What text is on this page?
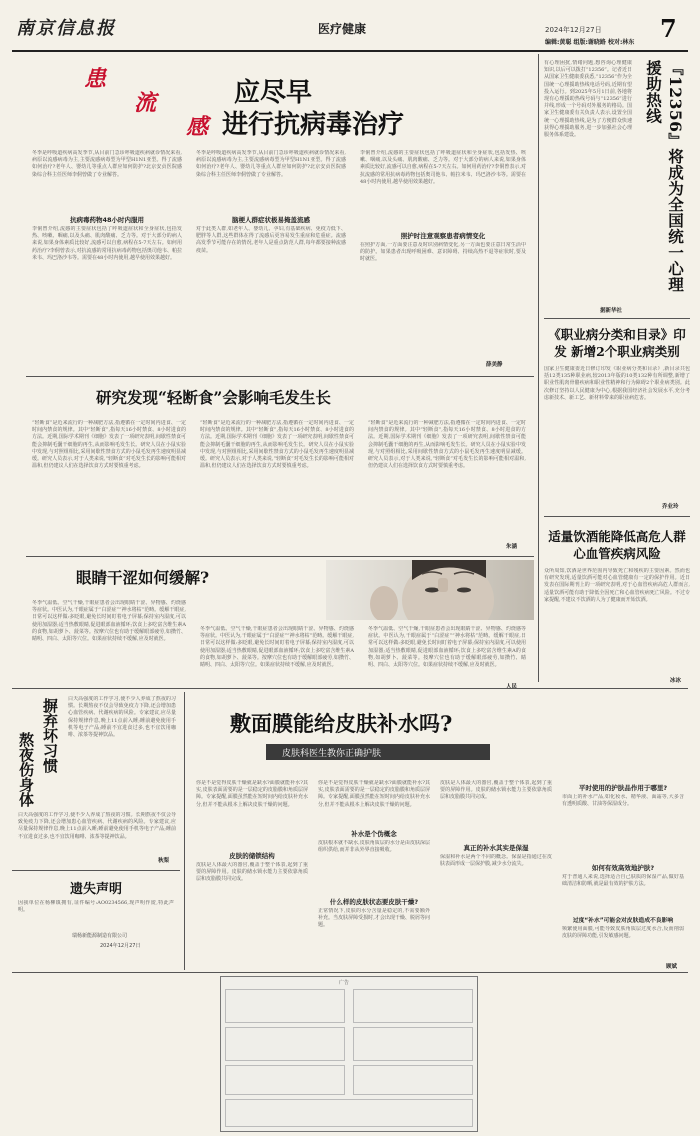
南京信息报	医疗健康	2024年12月27日
编辑:黄聪 组版:谢晓路 校对:林东 7
患
流
感
应尽早
进行抗病毒治疗
冬季是呼吸道疾病高发季节,从目前门急诊呼吸道疾病就诊情况来看,病原以流感病毒为主,主要流感病毒型为甲型H1N1亚型。得了流感如何治疗?老年人、婴幼儿等重点人群应如何防护?北京安贞医院感染综合科主任医师李侗曾做了专业解答。
抗病毒药物48小时内服用
李侗曾介绍,流感的主要症状包括了呼吸道症状和全身症状,包括发热、咳嗽、咽痛,以及头痛、肌肉酸痛、乏力等。对于大部分的病人来说,如果身体素质比较好,流感可以自愈,病程在5-7天左右。如何用药治疗?李侗曾表示,对抗流感的常用抗病毒药物包括奥司他韦、帕拉米韦、玛巴洛沙韦等。需要在48小时内使用,越早使用效果越好。
冬季是呼吸道疾病高发季节,从目前门急诊呼吸道疾病就诊情况来看,病原以流感病毒为主,主要流感病毒型为甲型H1N1亚型。得了流感如何治疗?老年人、婴幼儿等重点人群应如何防护?北京安贞医院感染综合科主任医师李侗曾做了专业解答。
脑梗人群症状极易掩盖流感
对于此类人群,如老年人、婴幼儿、孕妇,有基础疾病、免疫力低下、肥胖等人群,这些群体在得了流感后更容易发生重症和危重症。流感高发季节可能存在的情况,老年人是重点防范人群,每年都要接种流感疫苗。
李侗曾介绍,流感的主要症状包括了呼吸道症状和全身症状,包括发热、咳嗽、咽痛,以及头痛、肌肉酸痛、乏力等。对于大部分的病人来说,如果身体素质比较好,流感可以自愈,病程在5-7天左右。如何用药治疗?李侗曾表示,对抗流感的常用抗病毒药物包括奥司他韦、帕拉米韦、玛巴洛沙韦等。需要在48小时内使用,越早使用效果越好。
照护时注意观察患者病情变化
在照护方面,一方面要注意及时识别病情变化,另一方面也要注意日常生活中的防护。如果患者出现呼吸困难、意识障碍、持续高热不退等症状时,要及时就医。
薛美静
有心理困扰,情绪问题,想咨询心理健康知识,以后可以拨打“12356”。记者近日从国家卫生健康委获悉,“12356”作为全国统一心理援助热线电话号码,近期有望投入运行。到2025年5月1日前,各地将现有心理援助热线号码与“12356”进行并线,形成一个号码对外服务的格局。国家卫生健康委有关负责人表示,设置全国统一心理援助热线,是为了方便群众快速获得心理援助服务,进一步加强社会心理服务体系建设。	『12356』将成为全国统一心理援助热线
据新华社
《职业病分类和目录》印发 新增2个职业病类别
国家卫生健康委近日修订印发《职业病分类和目录》,新目录共包括12类135种职业病,较2013年版的10类132种有所调整,新增了职业性肌肉骨骼疾病和职业性精神和行为障碍2个职业病类别。此次修订坚持以人民健康为中心,根据我国经济社会发展水平,充分考虑新技术、新工艺、新材料带来的职业病危害。
乔业玲
适量饮酒能降低高危人群心血管疾病风险
众所周知,饮酒是世界范围内导致死亡和残疾的主要因素。然而也有研究发现,适量饮酒可能对心血管健康有一定的保护作用。近日发表在国际期刊上的一项研究表明,对于心血管疾病高危人群而言,适量饮酒可能有助于降低全因死亡和心血管疾病死亡风险。不过专家提醒,不建议不饮酒的人为了健康而开始饮酒。
冰冰
研究发现“轻断食”会影响毛发生长
“轻断食”是近来流行的一种减肥方法,指遵循在一定时间内进食、一定时间内禁食的规律。其中“轻断食”,指每天16小时禁食、8小时进食的方法。近期,国际学术期刊《细胞》发表了一项研究表明,间歇性禁食可能会抑制毛囊干细胞的再生,从而影响毛发生长。研究人员在小鼠实验中发现,与对照组相比,采用间歇性禁食方式的小鼠毛发再生速度明显减缓。研究人员表示,对于人类来说,“轻断食”对毛发生长的影响可能相对温和,但仍建议人们在选择饮食方式时要慎重考虑。
“轻断食”是近来流行的一种减肥方法,指遵循在一定时间内进食、一定时间内禁食的规律。其中“轻断食”,指每天16小时禁食、8小时进食的方法。近期,国际学术期刊《细胞》发表了一项研究表明,间歇性禁食可能会抑制毛囊干细胞的再生,从而影响毛发生长。研究人员在小鼠实验中发现,与对照组相比,采用间歇性禁食方式的小鼠毛发再生速度明显减缓。研究人员表示,对于人类来说,“轻断食”对毛发生长的影响可能相对温和,但仍建议人们在选择饮食方式时要慎重考虑。
“轻断食”是近来流行的一种减肥方法,指遵循在一定时间内进食、一定时间内禁食的规律。其中“轻断食”,指每天16小时禁食、8小时进食的方法。近期,国际学术期刊《细胞》发表了一项研究表明,间歇性禁食可能会抑制毛囊干细胞的再生,从而影响毛发生长。研究人员在小鼠实验中发现,与对照组相比,采用间歇性禁食方式的小鼠毛发再生速度明显减缓。研究人员表示,对于人类来说,“轻断食”对毛发生长的影响可能相对温和,但仍建议人们在选择饮食方式时要慎重考虑。
朱涵
眼睛干涩如何缓解?
冬季气温低、空气干燥,干眼症患者会出现眼睛干涩、异物感、灼烧感等症状。中医认为,干眼症属于“白涩症”“神水将枯”范畴。缓解干眼症,日常可以这样做:多眨眼,避免长时间盯着电子屏幕;保持室内湿度,可以使用加湿器;适当热敷眼睛,促进眼部血液循环;饮食上多吃富含维生素A的食物,如胡萝卜、菠菜等。按摩穴位也有助于缓解眼部疲劳,如攒竹、睛明、四白、太阳等穴位。如果症状持续不缓解,应及时就医。
冬季气温低、空气干燥,干眼症患者会出现眼睛干涩、异物感、灼烧感等症状。中医认为,干眼症属于“白涩症”“神水将枯”范畴。缓解干眼症,日常可以这样做:多眨眼,避免长时间盯着电子屏幕;保持室内湿度,可以使用加湿器;适当热敷眼睛,促进眼部血液循环;饮食上多吃富含维生素A的食物,如胡萝卜、菠菜等。按摩穴位也有助于缓解眼部疲劳,如攒竹、睛明、四白、太阳等穴位。如果症状持续不缓解,应及时就医。
冬季气温低、空气干燥,干眼症患者会出现眼睛干涩、异物感、灼烧感等症状。中医认为,干眼症属于“白涩症”“神水将枯”范畴。缓解干眼症,日常可以这样做:多眨眼,避免长时间盯着电子屏幕;保持室内湿度,可以使用加湿器;适当热敷眼睛,促进眼部血液循环;饮食上多吃富含维生素A的食物,如胡萝卜、菠菜等。按摩穴位也有助于缓解眼部疲劳,如攒竹、睛明、四白、太阳等穴位。如果症状持续不缓解,应及时就医。
人民
熬夜伤身体 摒弃坏习惯 白天高强度的工作学习,使不少人养成了熬夜的习惯。长期熬夜不仅会导致免疫力下降,还会增加患心血管疾病、代谢疾病的风险。专家建议,应尽量保持规律作息,晚上11点前入睡;睡前避免使用手机等电子产品;睡前不宜进食过多,也不宜饮用咖啡、浓茶等提神饮品。
白天高强度的工作学习,使不少人养成了熬夜的习惯。长期熬夜不仅会导致免疫力下降,还会增加患心血管疾病、代谢疾病的风险。专家建议,应尽量保持规律作息,晚上11点前入睡;睡前避免使用手机等电子产品;睡前不宜进食过多,也不宜饮用咖啡、浓茶等提神饮品。
秋梨
遗失声明
因我单位在杨柳镇拥有,证件编号:AO0234566,现声明作废,特此声明。
瑞杨新能源制造有限公司
2024年12月27日
敷面膜能给皮肤补水吗?
皮肤科医生教你正确护肤
你是不是觉得皮肤干燥就是缺水?面膜就能补水?其实,皮肤表面需要的是一层稳定的皮脂膜和角质层屏障。专家提醒,面膜虽然能在短时间内给皮肤补充水分,但并不能从根本上解决皮肤干燥的问题。
皮肤的储锁结构
皮肤是人体最大的器官,覆盖于整个体表,起到了重要的屏障作用。皮肤的储水锁水能力主要依靠角质层和皮脂膜共同完成。
你是不是觉得皮肤干燥就是缺水?面膜就能补水?其实,皮肤表面需要的是一层稳定的皮脂膜和角质层屏障。专家提醒,面膜虽然能在短时间内给皮肤补充水分,但并不能从根本上解决皮肤干燥的问题。
补水是个伪概念
皮肤根本就不缺水,皮肤角质层的水分是由皮肤深层组织供给,而并非从外界直接吸收。
什么样的皮肤状态要皮肤干燥?
正常情况下,皮肤的水分含量是稳定的,不需要额外补充。当皮肤屏障受损时,才会出现干燥、脱屑等问题。
皮肤是人体最大的器官,覆盖于整个体表,起到了重要的屏障作用。皮肤的储水锁水能力主要依靠角质层和皮脂膜共同完成。
真正的补水其实是保湿
保湿和补水是两个不同的概念。保湿是指通过在皮肤表面形成一层保护膜,减少水分流失。
平时使用的护肤品作用于哪里?
市面上的补水产品,如化妆水、精华液、面霜等,大多含有透明质酸、甘油等保湿成分。
如何有效高效地护肤?
对于普通人来说,选择适合自己肤质的保湿产品,做好基础清洁和防晒,就是最有效的护肤方法。
过度“补水”可能会对皮肤造成不良影响
频繁使用面膜,可能导致皮肤角质层过度水合,反而削弱皮肤的屏障功能,引发敏感问题。
顾斌
广告
